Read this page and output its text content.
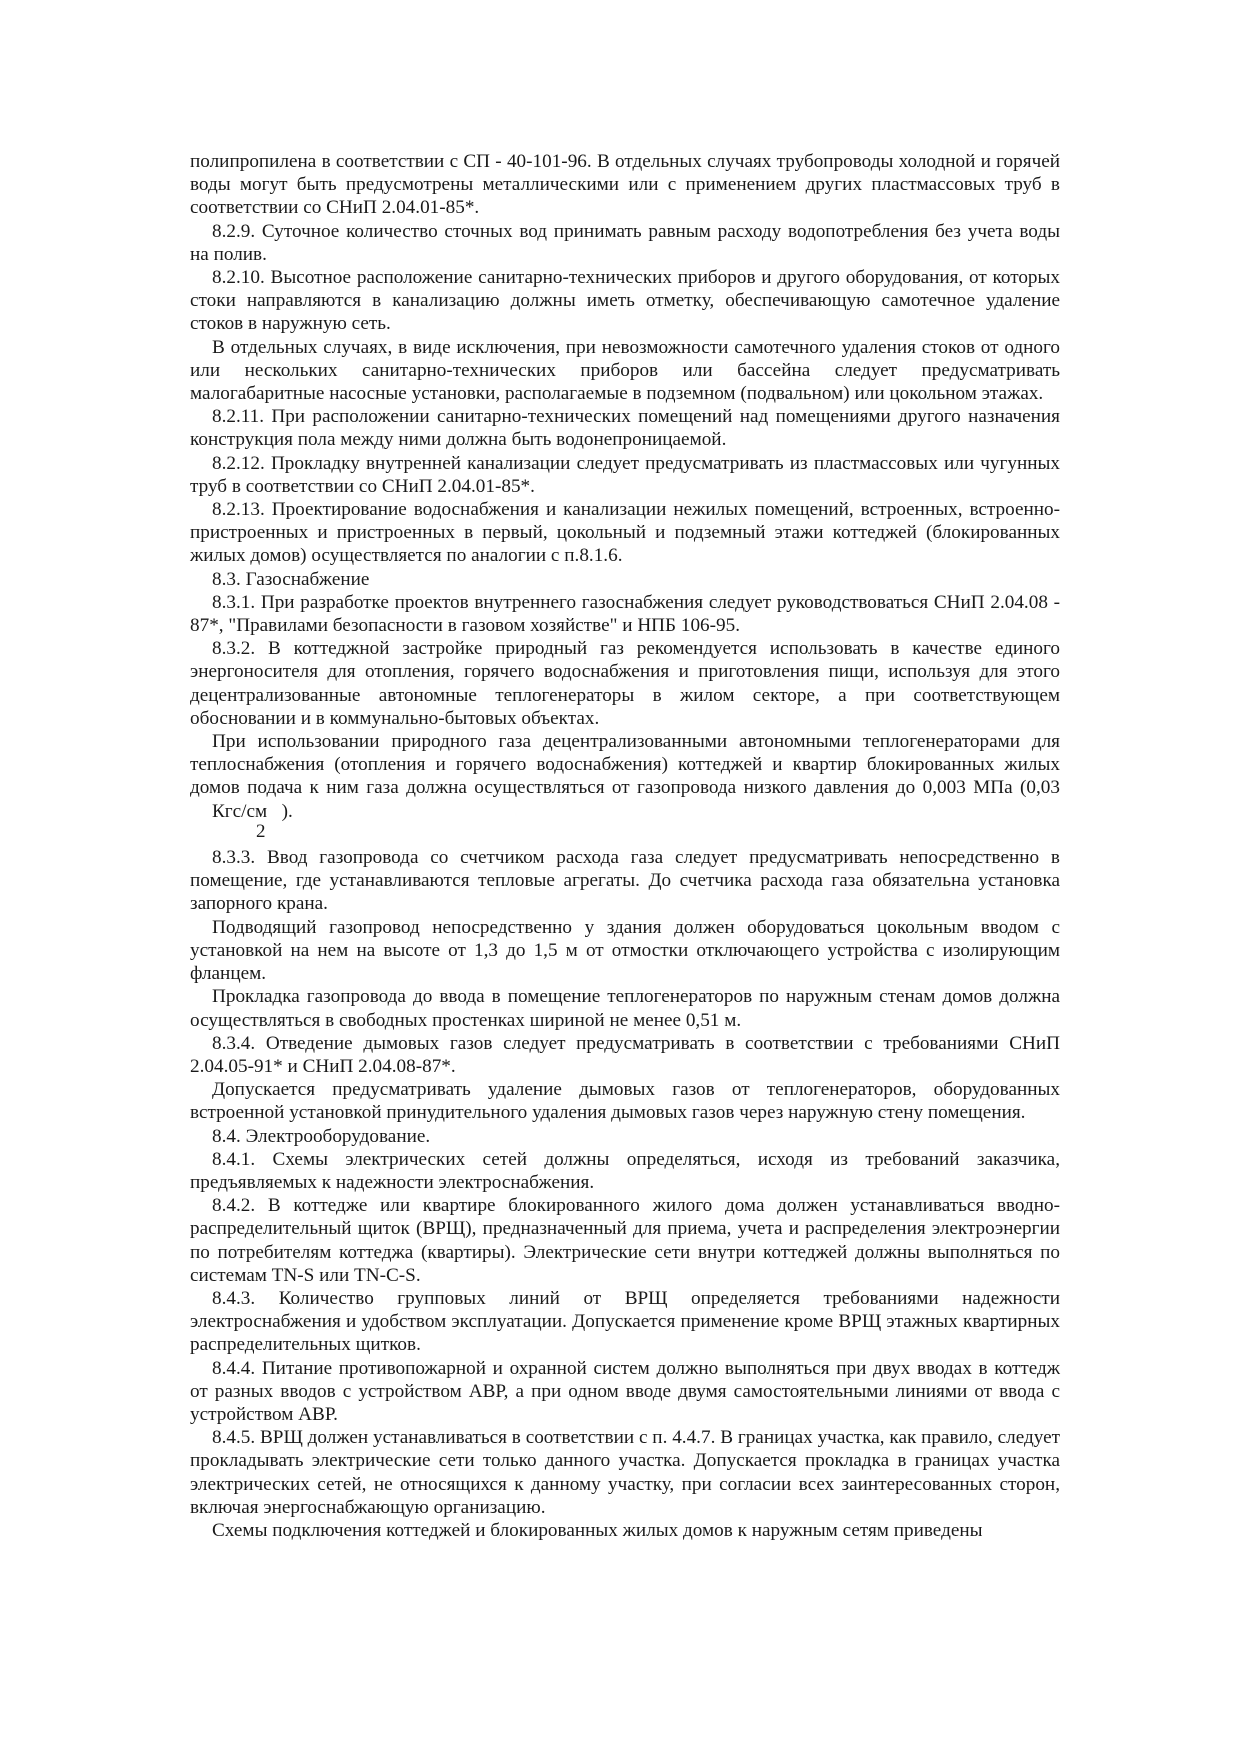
полипропилена в соответствии с СП - 40-101-96. В отдельных случаях трубопроводы холодной и горячей воды могут быть предусмотрены металлическими или с применением других пластмассовых труб в соответствии со СНиП 2.04.01-85*.

8.2.9. Суточное количество сточных вод принимать равным расходу водопотребления без учета воды на полив.

8.2.10. Высотное расположение санитарно-технических приборов и другого оборудования, от которых стоки направляются в канализацию должны иметь отметку, обеспечивающую самотечное удаление стоков в наружную сеть.

В отдельных случаях, в виде исключения, при невозможности самотечного удаления стоков от одного или нескольких санитарно-технических приборов или бассейна следует предусматривать малогабаритные насосные установки, располагаемые в подземном (подвальном) или цокольном этажах.

8.2.11. При расположении санитарно-технических помещений над помещениями другого назначения конструкция пола между ними должна быть водонепроницаемой.

8.2.12. Прокладку внутренней канализации следует предусматривать из пластмассовых или чугунных труб в соответствии со СНиП 2.04.01-85*.

8.2.13. Проектирование водоснабжения и канализации нежилых помещений, встроенных, встроенно-пристроенных и пристроенных в первый, цокольный и подземный этажи коттеджей (блокированных жилых домов) осуществляется по аналогии с п.8.1.6.

8.3. Газоснабжение

8.3.1. При разработке проектов внутреннего газоснабжения следует руководствоваться СНиП 2.04.08 - 87*, "Правилами безопасности в газовом хозяйстве" и НПБ 106-95.

8.3.2. В коттеджной застройке природный газ рекомендуется использовать в качестве единого энергоносителя для отопления, горячего водоснабжения и приготовления пищи, используя для этого децентрализованные автономные теплогенераторы в жилом секторе, а при соответствующем обосновании и в коммунально-бытовых объектах.

При использовании природного газа децентрализованными автономными теплогенераторами для теплоснабжения (отопления и горячего водоснабжения) коттеджей и квартир блокированных жилых домов подача к ним газа должна осуществляться от газопровода низкого давления до 0,003 МПа (0,03 Кгс/см
2
).

8.3.3. Ввод газопровода со счетчиком расхода газа следует предусматривать непосредственно в помещение, где устанавливаются тепловые агрегаты. До счетчика расхода газа обязательна установка запорного крана.

Подводящий газопровод непосредственно у здания должен оборудоваться цокольным вводом с установкой на нем на высоте от 1,3 до 1,5 м от отмостки отключающего устройства с изолирующим фланцем.

Прокладка газопровода до ввода в помещение теплогенераторов по наружным стенам домов должна осуществляться в свободных простенках шириной не менее 0,51 м.

8.3.4. Отведение дымовых газов следует предусматривать в соответствии с требованиями СНиП 2.04.05-91* и СНиП 2.04.08-87*.

Допускается предусматривать удаление дымовых газов от теплогенераторов, оборудованных встроенной установкой принудительного удаления дымовых газов через наружную стену помещения.

8.4. Электрооборудование.

8.4.1. Схемы электрических сетей должны определяться, исходя из требований заказчика, предъявляемых к надежности электроснабжения.

8.4.2. В коттедже или квартире блокированного жилого дома должен устанавливаться вводно-распределительный щиток (ВРЩ), предназначенный для приема, учета и распределения электроэнергии по потребителям коттеджа (квартиры). Электрические сети внутри коттеджей должны выполняться по системам TN-S или TN-C-S.

8.4.3. Количество групповых линий от ВРЩ определяется требованиями надежности электроснабжения и удобством эксплуатации. Допускается применение кроме ВРЩ этажных квартирных распределительных щитков.

8.4.4. Питание противопожарной и охранной систем должно выполняться при двух вводах в коттедж от разных вводов с устройством АВР, а при одном вводе двумя самостоятельными линиями от ввода с устройством АВР.

8.4.5. ВРЩ должен устанавливаться в соответствии с п. 4.4.7. В границах участка, как правило, следует прокладывать электрические сети только данного участка. Допускается прокладка в границах участка электрических сетей, не относящихся к данному участку, при согласии всех заинтересованных сторон, включая энергоснабжающую организацию.

Схемы подключения коттеджей и блокированных жилых домов к наружным сетям приведены
